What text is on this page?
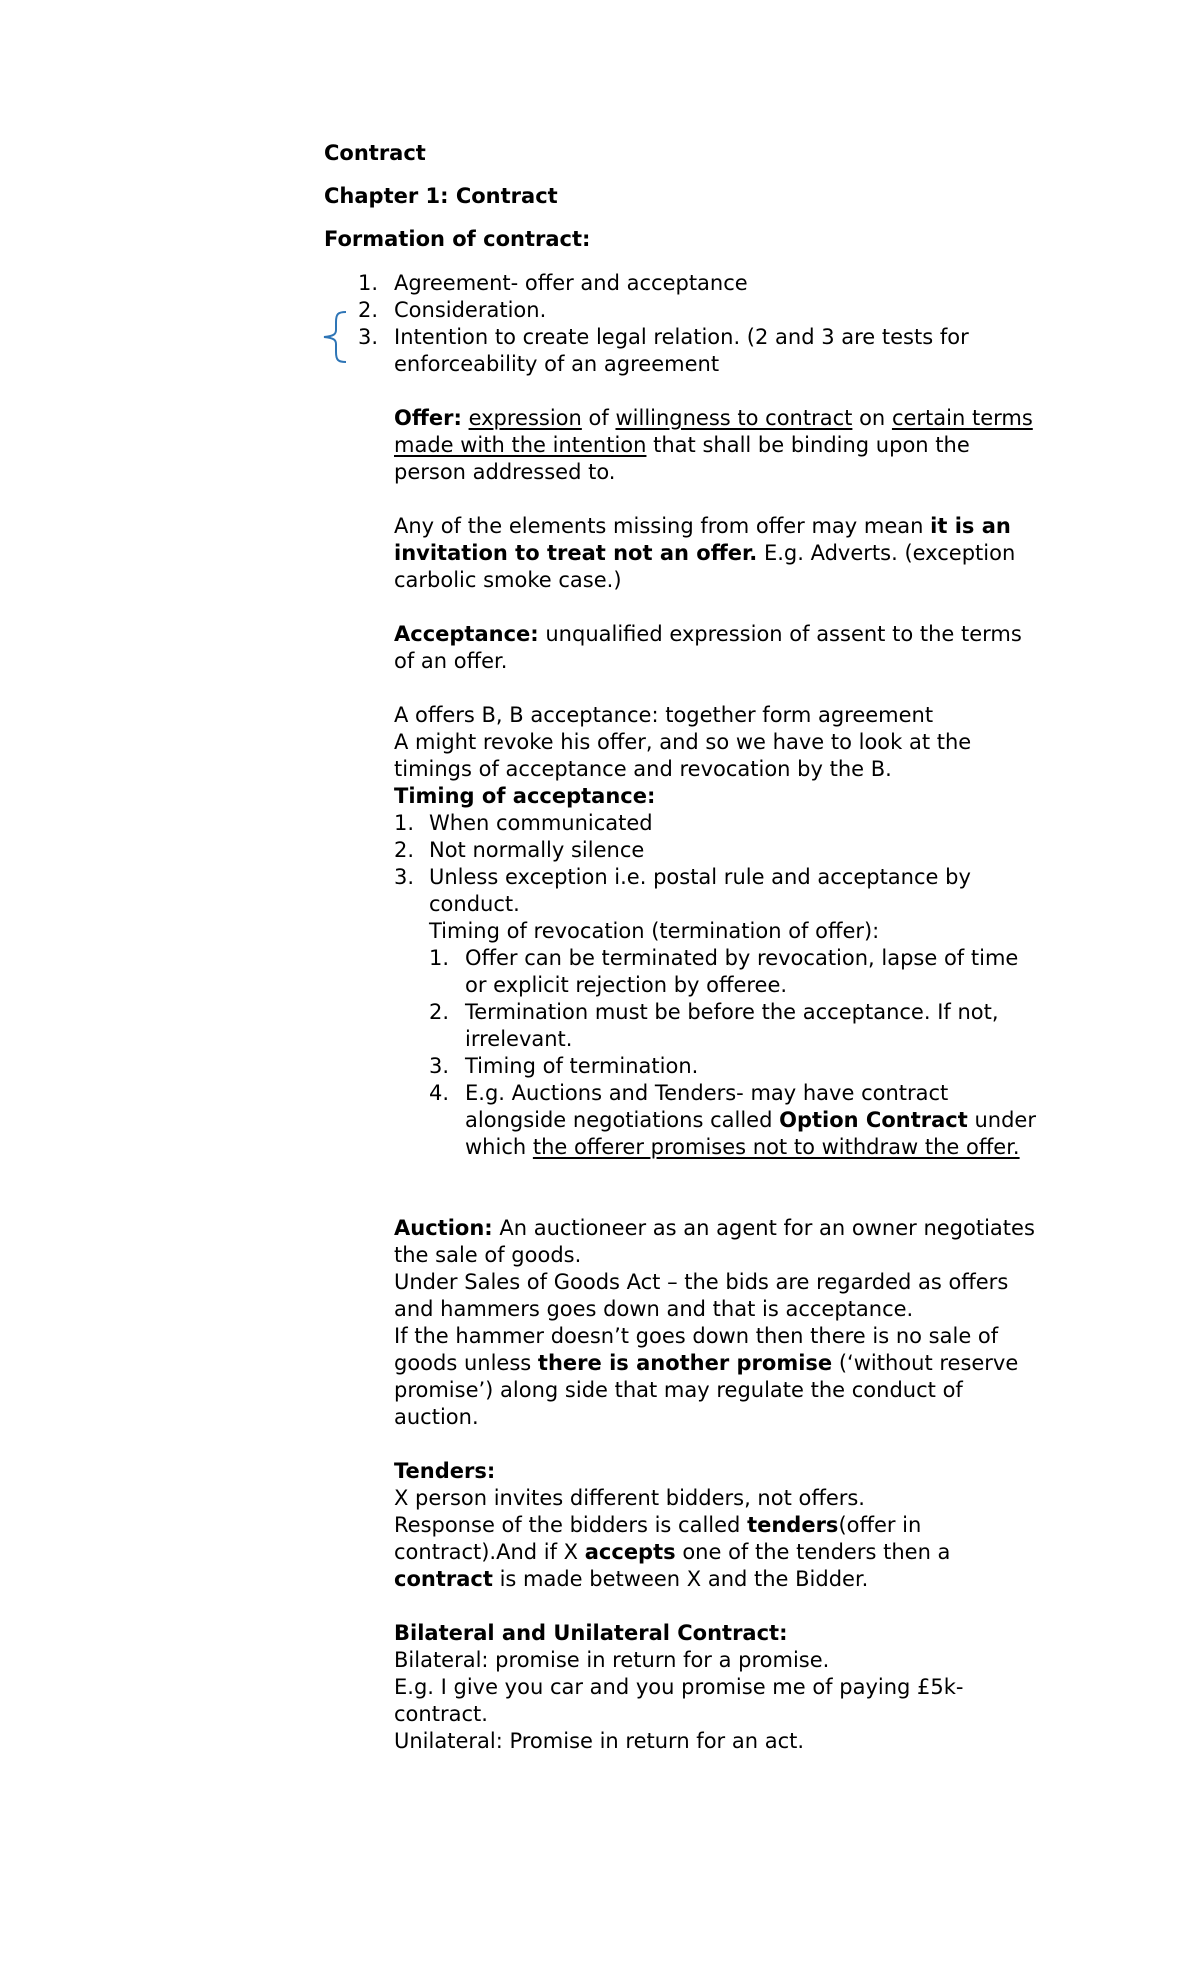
Contract
Chapter 1: Contract
Formation of contract:
1. Agreement- offer and acceptance
2. Consideration.
3. Intention to create legal relation. (2 and 3 are tests for
enforceability of an agreement
Offer: expression of willingness to contract on certain terms
made with the intention that shall be binding upon the
person addressed to.
Any of the elements missing from offer may mean it is an
invitation to treat not an offer. E.g. Adverts. (exception
carbolic smoke case.)
Acceptance: unqualified expression of assent to the terms
of an offer.
A offers B, B acceptance: together form agreement
A might revoke his offer, and so we have to look at the
timings of acceptance and revocation by the B.
Timing of acceptance:
1. When communicated
2. Not normally silence
3. Unless exception i.e. postal rule and acceptance by
conduct.
Timing of revocation (termination of offer):
1. Offer can be terminated by revocation, lapse of time
or explicit rejection by offeree.
2. Termination must be before the acceptance. If not,
irrelevant.
3. Timing of termination.
4. E.g. Auctions and Tenders- may have contract
alongside negotiations called Option Contract under
which the offerer promises not to withdraw the offer.
Auction: An auctioneer as an agent for an owner negotiates
the sale of goods.
Under Sales of Goods Act – the bids are regarded as offers
and hammers goes down and that is acceptance.
If the hammer doesn’t goes down then there is no sale of
goods unless there is another promise (‘without reserve
promise’) along side that may regulate the conduct of
auction.
Tenders:
X person invites different bidders, not offers.
Response of the bidders is called tenders(offer in
contract).And if X accepts one of the tenders then a
contract is made between X and the Bidder.
Bilateral and Unilateral Contract:
Bilateral: promise in return for a promise.
E.g. I give you car and you promise me of paying £5k-
contract.
Unilateral: Promise in return for an act.
